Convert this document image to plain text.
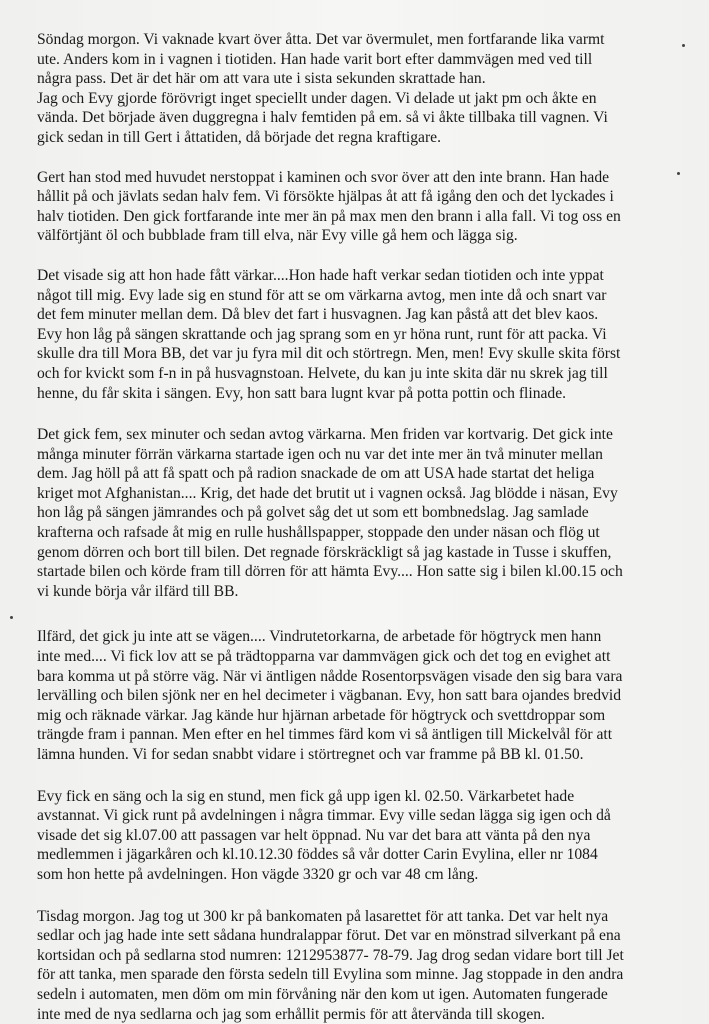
Söndag morgon. Vi vaknade kvart över åtta. Det var övermulet, men fortfarande lika varmt
ute. Anders kom in i vagnen i tiotiden. Han hade varit bort efter dammvägen med ved till
några pass. Det är det här om att vara ute i sista sekunden skrattade han.
Jag och Evy gjorde förövrigt inget speciellt under dagen. Vi delade ut jakt pm och åkte en
vända. Det började även duggregna i halv femtiden på em. så vi åkte tillbaka till vagnen. Vi
gick sedan in till Gert i åttatiden, då började det regna kraftigare.
Gert han stod med huvudet nerstoppat i kaminen och svor över att den inte brann. Han hade
hållit på och jävlats sedan halv fem. Vi försökte hjälpas åt att få igång den och det lyckades i
halv tiotiden. Den gick fortfarande inte mer än på max men den brann i alla fall. Vi tog oss en
välförtjänt öl och bubblade fram till elva, när Evy ville gå hem och lägga sig.
Det visade sig att hon hade fått värkar....Hon hade haft verkar sedan tiotiden och inte yppat
något till mig. Evy lade sig en stund för att se om värkarna avtog, men inte då och snart var
det fem minuter mellan dem. Då blev det fart i husvagnen. Jag kan påstå att det blev kaos.
Evy hon låg på sängen skrattande och jag sprang som en yr höna runt, runt för att packa. Vi
skulle dra till Mora BB, det var ju fyra mil dit och störtregn. Men, men! Evy skulle skita först
och for kvickt som f-n in på husvagnstoan. Helvete, du kan ju inte skita där nu skrek jag till
henne, du får skita i sängen. Evy, hon satt bara lugnt kvar på potta pottin och flinade.
Det gick fem, sex minuter och sedan avtog värkarna. Men friden var kortvarig. Det gick inte
många minuter förrän värkarna startade igen och nu var det inte mer än två minuter mellan
dem. Jag höll på att få spatt och på radion snackade de om att USA hade startat det heliga
kriget mot Afghanistan.... Krig, det hade det brutit ut i vagnen också. Jag blödde i näsan, Evy
hon låg på sängen jämrandes och på golvet såg det ut som ett bombnedslag. Jag samlade
krafterna och rafsade åt mig en rulle hushållspapper, stoppade den under näsan och flög ut
genom dörren och bort till bilen. Det regnade förskräckligt så jag kastade in Tusse i skuffen,
startade bilen och körde fram till dörren för att hämta Evy.... Hon satte sig i bilen kl.00.15 och
vi kunde börja vår ilfärd till BB.
Ilfärd, det gick ju inte att se vägen.... Vindrutetorkarna, de arbetade för högtryck men hann
inte med.... Vi fick lov att se på trädtopparna var dammvägen gick och det tog en evighet att
bara komma ut på större väg. När vi äntligen nådde Rosentorpsvägen visade den sig bara vara
lervälling och bilen sjönk ner en hel decimeter i vägbanan. Evy, hon satt bara ojandes bredvid
mig och räknade värkar. Jag kände hur hjärnan arbetade för högtryck och svettdroppar som
trängde fram i pannan. Men efter en hel timmes färd kom vi så äntligen till Mickelvål för att
lämna hunden. Vi for sedan snabbt vidare i störtregnet och var framme på BB kl. 01.50.
Evy fick en säng och la sig en stund, men fick gå upp igen kl. 02.50. Värkarbetet hade
avstannat. Vi gick runt på avdelningen i några timmar. Evy ville sedan lägga sig igen och då
visade det sig kl.07.00 att passagen var helt öppnad. Nu var det bara att vänta på den nya
medlemmen i jägarkåren och kl.10.12.30 föddes så vår dotter Carin Evylina, eller nr 1084
som hon hette på avdelningen. Hon vägde 3320 gr och var 48 cm lång.
Tisdag morgon. Jag tog ut 300 kr på bankomaten på lasarettet för att tanka. Det var helt nya
sedlar och jag hade inte sett sådana hundralappar förut. Det var en mönstrad silverkant på ena
kortsidan och på sedlarna stod numren: 1212953877- 78-79. Jag drog sedan vidare bort till Jet
för att tanka, men sparade den första sedeln till Evylina som minne. Jag stoppade in den andra
sedeln i automaten, men döm om min förvåning när den kom ut igen. Automaten fungerade
inte med de nya sedlarna och jag som erhållit permis för att återvända till skogen.
